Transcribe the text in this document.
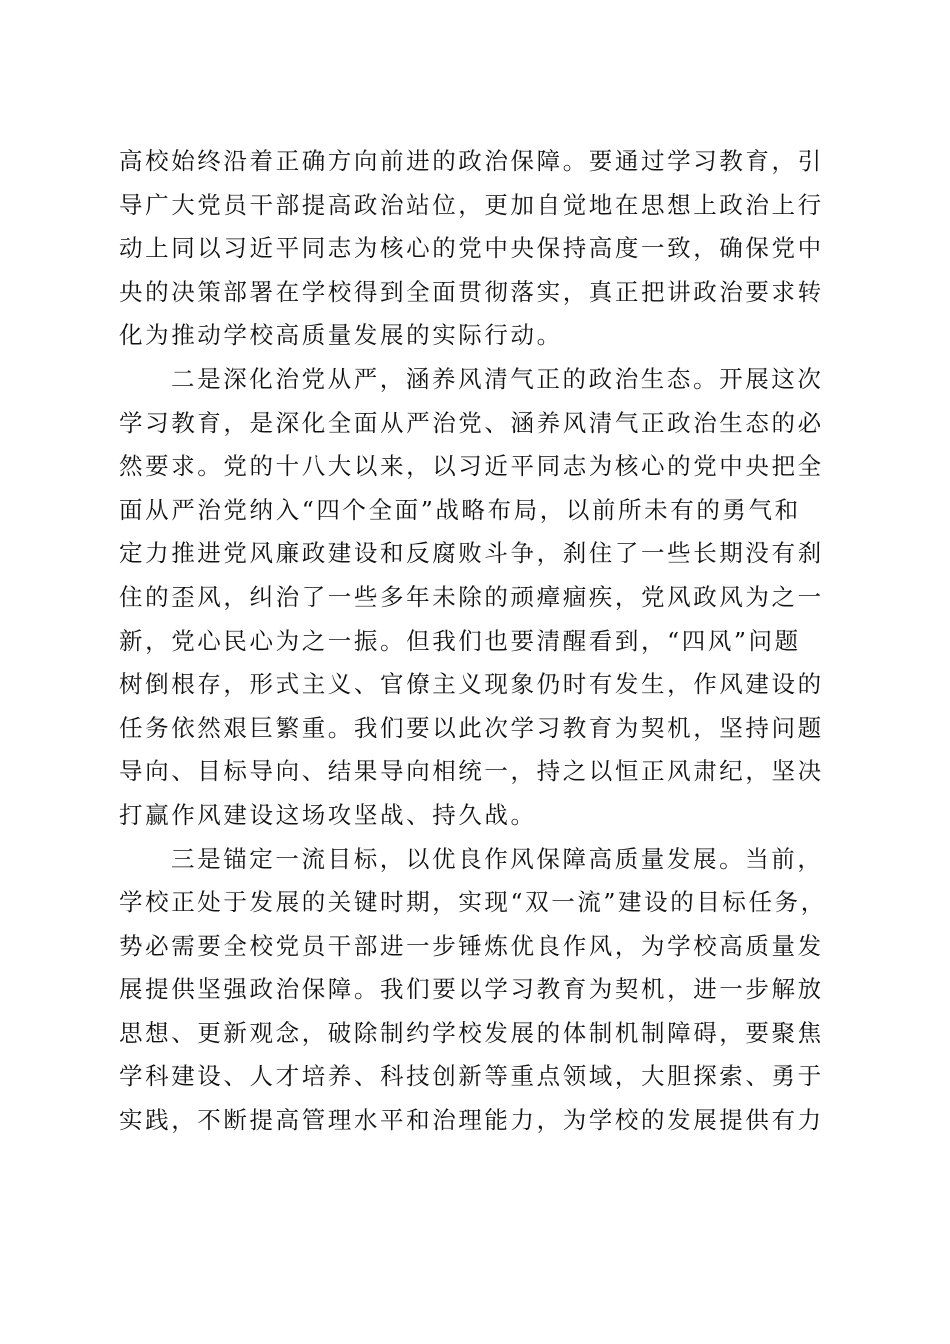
高校始终沿着正确方向前进的政治保障。要通过学习教育，引
导广大党员干部提高政治站位，更加自觉地在思想上政治上行
动上同以习近平同志为核心的党中央保持高度一致，确保党中
央的决策部署在学校得到全面贯彻落实，真正把讲政治要求转
化为推动学校高质量发展的实际行动。
二是深化治党从严，涵养风清气正的政治生态。开展这次
学习教育，是深化全面从严治党、涵养风清气正政治生态的必
然要求。党的十八大以来，以习近平同志为核心的党中央把全
面从严治党纳入“四个全面”战略布局，以前所未有的勇气和
定力推进党风廉政建设和反腐败斗争，刹住了一些长期没有刹
住的歪风，纠治了一些多年未除的顽瘴痼疾，党风政风为之一
新，党心民心为之一振。但我们也要清醒看到，“四风”问题
树倒根存，形式主义、官僚主义现象仍时有发生，作风建设的
任务依然艰巨繁重。我们要以此次学习教育为契机，坚持问题
导向、目标导向、结果导向相统一，持之以恒正风肃纪，坚决
打赢作风建设这场攻坚战、持久战。
三是锚定一流目标，以优良作风保障高质量发展。当前，
学校正处于发展的关键时期，实现“双一流”建设的目标任务，
势必需要全校党员干部进一步锤炼优良作风，为学校高质量发
展提供坚强政治保障。我们要以学习教育为契机，进一步解放
思想、更新观念，破除制约学校发展的体制机制障碍，要聚焦
学科建设、人才培养、科技创新等重点领域，大胆探索、勇于
实践，不断提高管理水平和治理能力，为学校的发展提供有力
